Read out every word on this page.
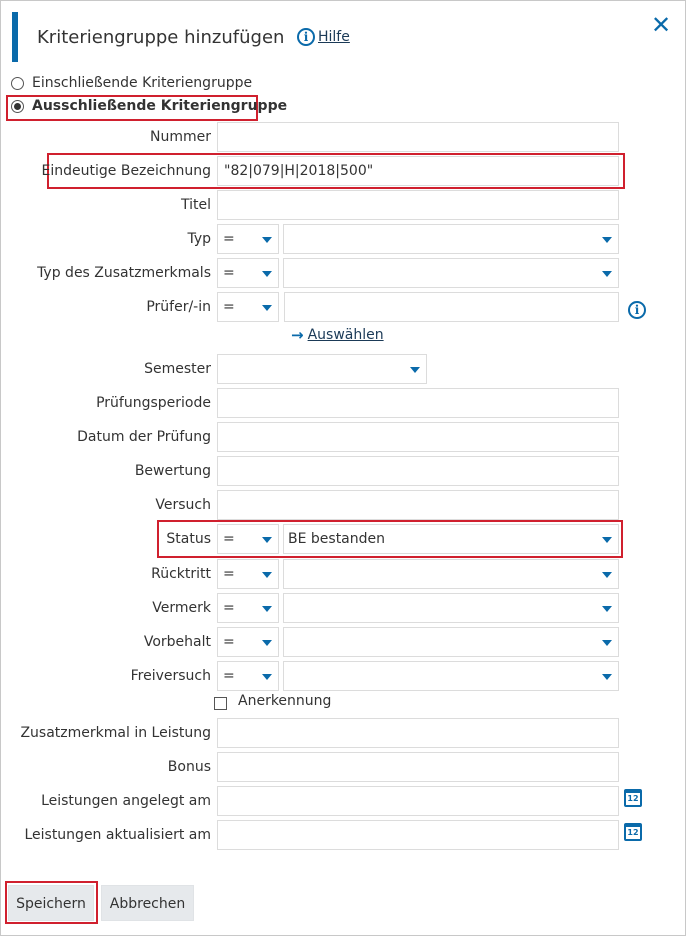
Kriteriengruppe hinzufügen	i Hilfe	✕
Einschließende Kriteriengruppe
Ausschließende Kriteriengruppe
Nummer
Eindeutige Bezeichnung "82|079|H|2018|500"
Titel
Typ =
Typ des Zusatzmerkmals =
Prüfer/-in =	i
→ Auswählen
Semester
Prüfungsperiode
Datum der Prüfung
Bewertung
Versuch
Status =	BE bestanden
Rücktritt =
Vermerk =
Vorbehalt =
Freiversuch =
Anerkennung
Zusatzmerkmal in Leistung
Bonus
Leistungen angelegt am	12
Leistungen aktualisiert am	12
Speichern	Abbrechen
